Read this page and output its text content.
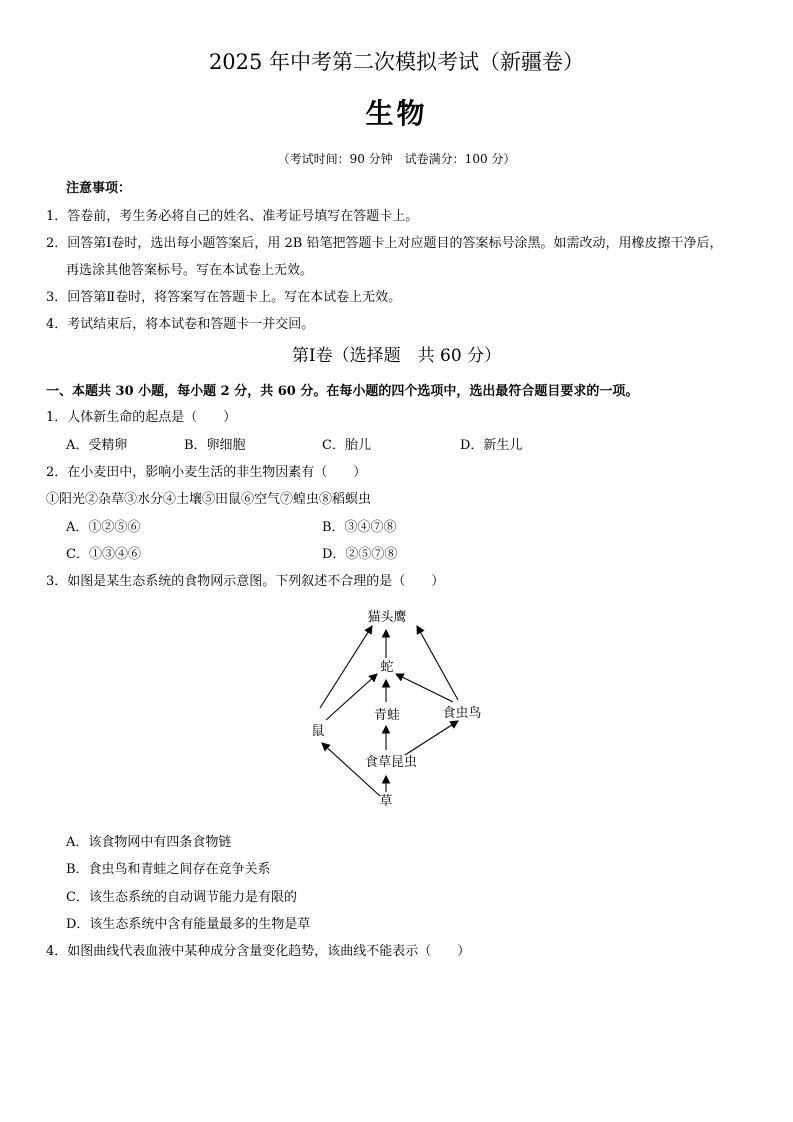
2025 年中考第二次模拟考试（新疆卷）
生物
（考试时间：90 分钟　试卷满分：100 分）
注意事项：
1．答卷前，考生务必将自己的姓名、准考证号填写在答题卡上。
2．回答第Ⅰ卷时，选出每小题答案后，用 2B 铅笔把答题卡上对应题目的答案标号涂黑。如需改动，用橡皮擦干净后，
再选涂其他答案标号。写在本试卷上无效。
3．回答第Ⅱ卷时，将答案写在答题卡上。写在本试卷上无效。
4．考试结束后，将本试卷和答题卡一并交回。
第Ⅰ卷（选择题　共 60 分）
一、本题共 30 小题，每小题 2 分，共 60 分。在每小题的四个选项中，选出最符合题目要求的一项。
1．人体新生命的起点是（　　）
A．受精卵	B．卵细胞	C．胎儿	D．新生儿
2．在小麦田中，影响小麦生活的非生物因素有（　　）
①阳光②杂草③水分④土壤⑤田鼠⑥空气⑦蝗虫⑧稻螟虫
A．①②⑤⑥	B．③④⑦⑧
C．①③④⑥	D．②⑤⑦⑧
3．如图是某生态系统的食物网示意图。下列叙述不合理的是（　　）
猫头鹰
蛇
青蛙	食虫鸟
鼠
食草昆虫
草
A．该食物网中有四条食物链
B．食虫鸟和青蛙之间存在竞争关系
C．该生态系统的自动调节能力是有限的
D．该生态系统中含有能量最多的生物是草
4．如图曲线代表血液中某种成分含量变化趋势，该曲线不能表示（　　）
